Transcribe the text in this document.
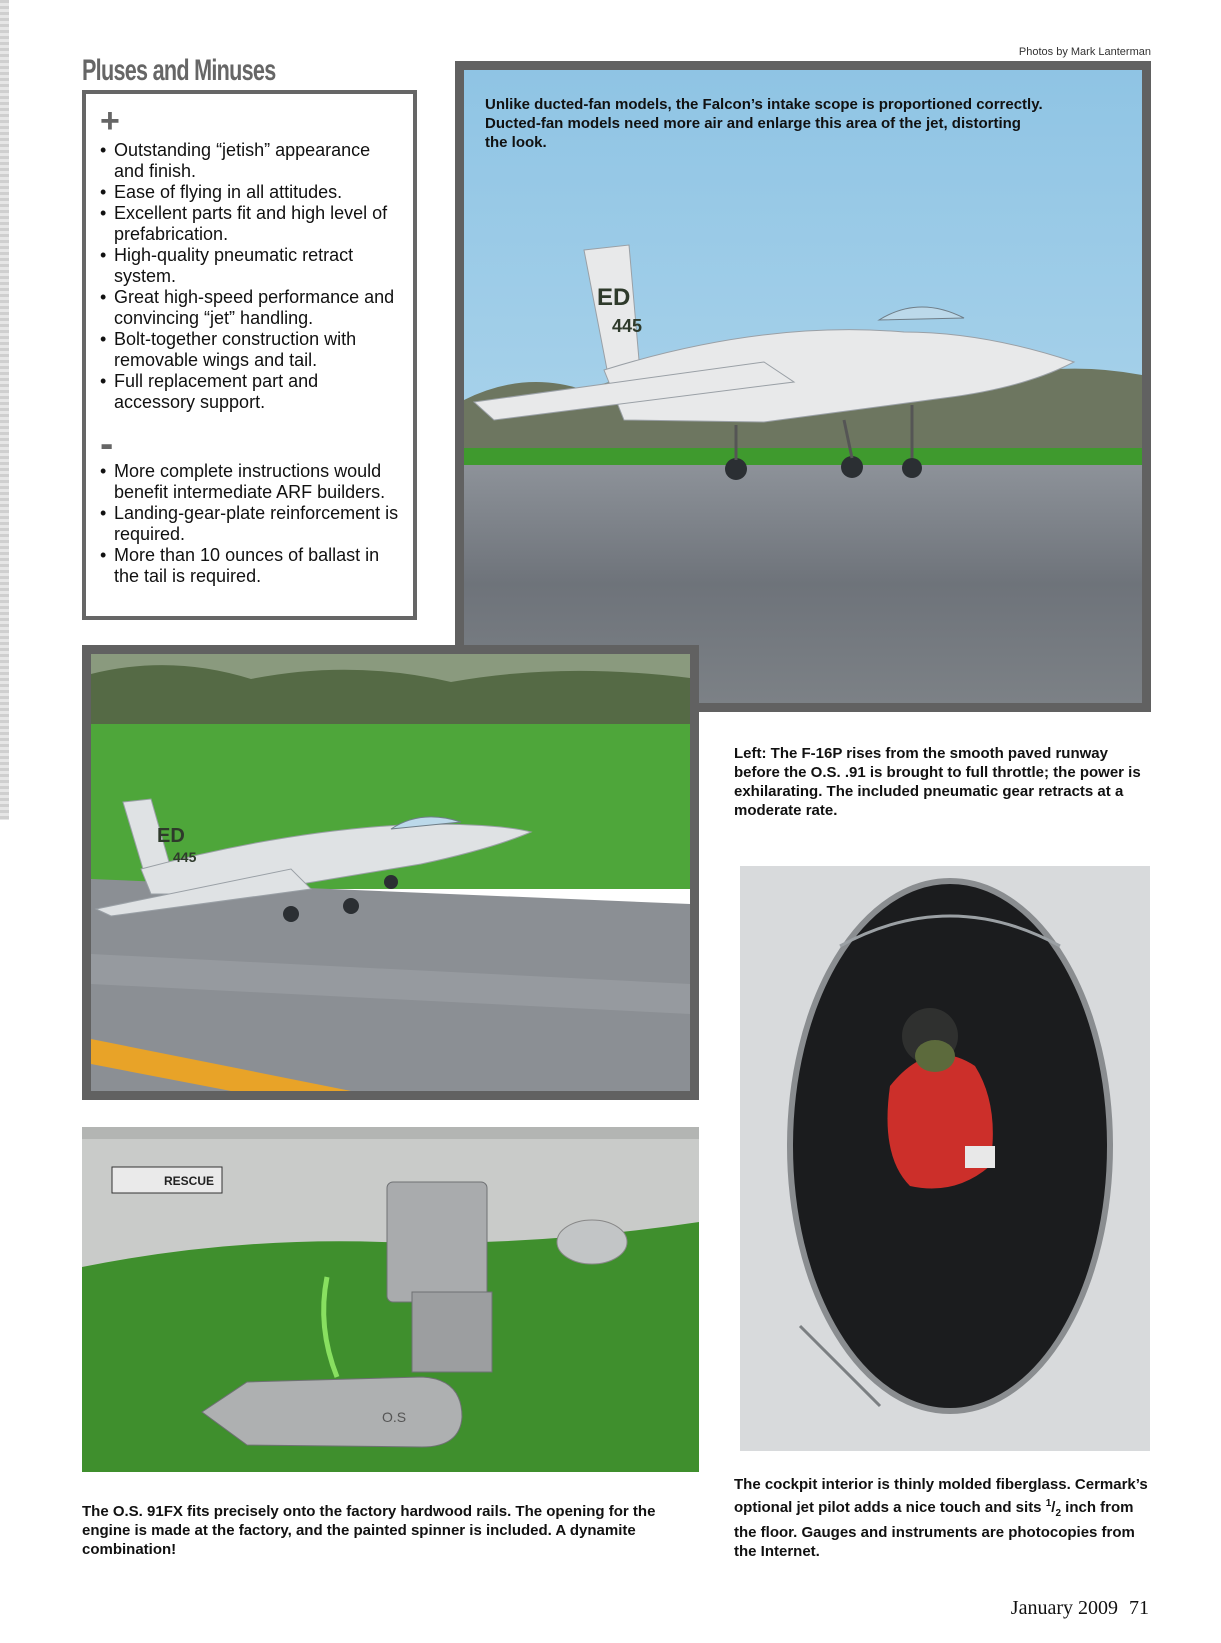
Photos by Mark Lanterman
Pluses and Minuses
+
• Outstanding “jetish” appearance and finish.
• Ease of flying in all attitudes.
• Excellent parts fit and high level of prefabrication.
• High-quality pneumatic retract system.
• Great high-speed performance and convincing “jet” handling.
• Bolt-together construction with removable wings and tail.
• Full replacement part and accessory support.
-
• More complete instructions would benefit intermediate ARF builders.
• Landing-gear-plate reinforcement is required.
• More than 10 ounces of ballast in the tail is required.
ED
445
Unlike ducted-fan models, the Falcon’s intake scope is proportioned correctly. Ducted-fan models need more air and enlarge this area of the jet, distorting the look.
ED
445
Left: The F-16P rises from the smooth paved runway before the O.S. .91 is brought to full throttle; the power is exhilarating. The included pneumatic gear retracts at a moderate rate.
RESCUE
O.S
The O.S. 91FX fits precisely onto the factory hardwood rails. The opening for the engine is made at the factory, and the painted spinner is included. A dynamite combination!
The cockpit interior is thinly molded fiberglass. Cermark’s optional jet pilot adds a nice touch and sits $^1/_2$ inch from the floor. Gauges and instruments are photocopies from the Internet.
January 2009 71
